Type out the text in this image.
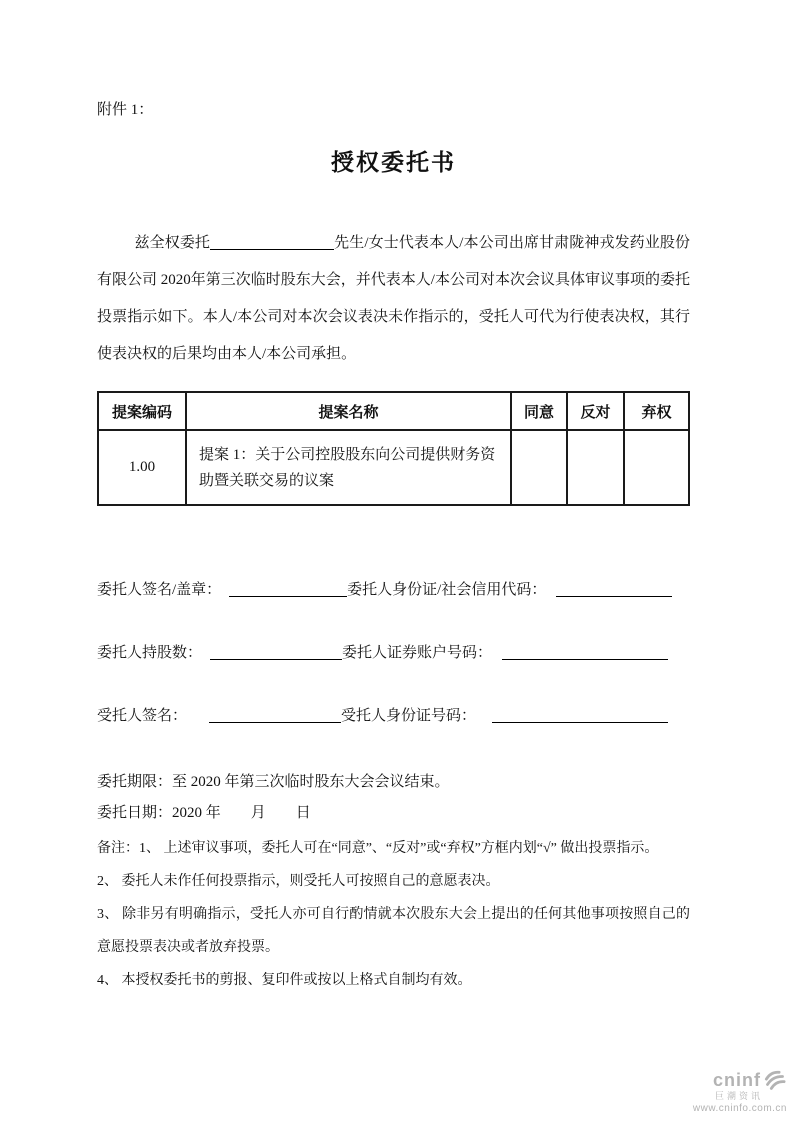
附件 1：
授权委托书

兹全权委托	先生/女士代表本人/本公司出席甘肃陇神戎发药业股份有限公司 2020年第三次临时股东大会，并代表本人/本公司对本次会议具体审议事项的委托投票指示如下。本人/本公司对本次会议表决未作指示的，受托人可代为行使表决权，其行使表决权的后果均由本人/本公司承担。

提案编码	提案名称	同意	反对	弃权
1.00	提案 1：关于公司控股股东向公司提供财务资助暨关联交易的议案			
委托人签名/盖章：	委托人身份证/社会信用代码：
委托人持股数：	委托人证券账户号码：
受托人签名：	受托人身份证号码：
委托期限：至 2020 年第三次临时股东大会会议结束。
委托日期：2020 年　　月　　日

备注：1、 上述审议事项，委托人可在“同意”、“反对”或“弃权”方框内划“√” 做出投票指示。

2、 委托人未作任何投票指示，则受托人可按照自己的意愿表决。

3、 除非另有明确指示，受托人亦可自行酌情就本次股东大会上提出的任何其他事项按照自己的意愿投票表决或者放弃投票。

4、 本授权委托书的剪报、复印件或按以上格式自制均有效。

cninf
巨潮资讯
www.cninfo.com.cn
